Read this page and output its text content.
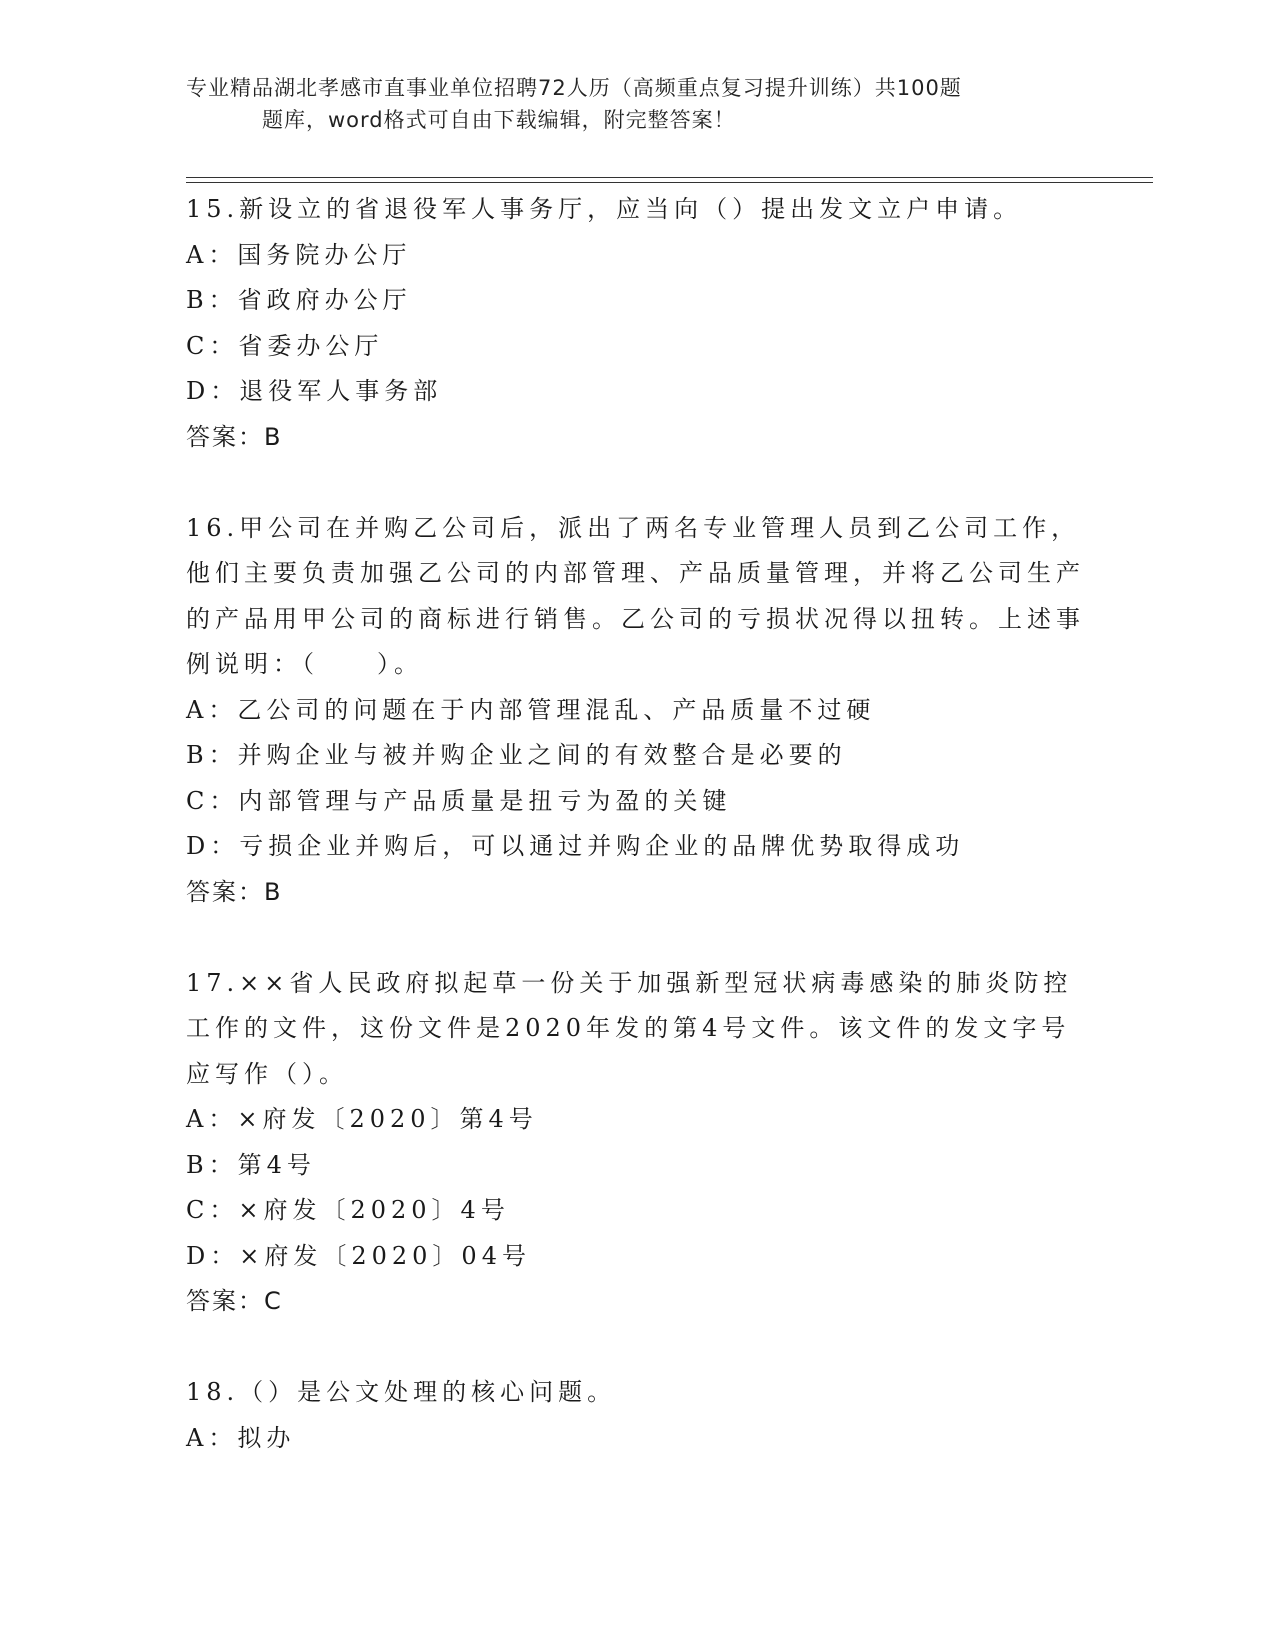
专业精品湖北孝感市直事业单位招聘72人历（高频重点复习提升训练）共100题
题库，word格式可自由下载编辑，附完整答案！
15.新设立的省退役军人事务厅，应当向（）提出发文立户申请。
A：国务院办公厅
B：省政府办公厅
C：省委办公厅
D：退役军人事务部
答案：B
16.甲公司在并购乙公司后，派出了两名专业管理人员到乙公司工作，他们主要负责加强乙公司的内部管理、产品质量管理，并将乙公司生产的产品用甲公司的商标进行销售。乙公司的亏损状况得以扭转。上述事例说明：（　　）。
A：乙公司的问题在于内部管理混乱、产品质量不过硬
B：并购企业与被并购企业之间的有效整合是必要的
C：内部管理与产品质量是扭亏为盈的关键
D：亏损企业并购后，可以通过并购企业的品牌优势取得成功
答案：B
17.××省人民政府拟起草一份关于加强新型冠状病毒感染的肺炎防控工作的文件，这份文件是2020年发的第4号文件。该文件的发文字号应写作（）。
A：×府发〔2020〕第4号
B：第4号
C：×府发〔2020〕4号
D：×府发〔2020〕04号
答案：C
18.（）是公文处理的核心问题。
A：拟办
